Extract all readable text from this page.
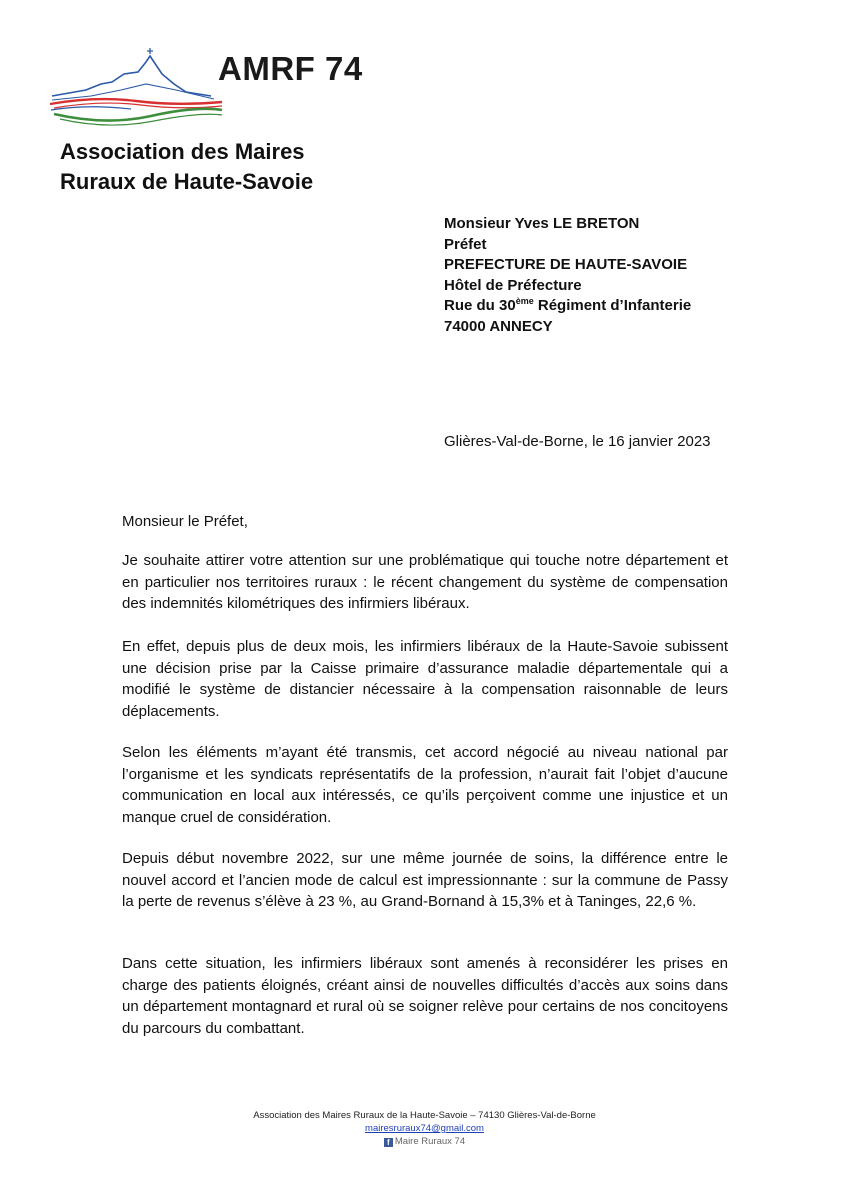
AMRF 74
Association des Maires
Ruraux de Haute-Savoie
Monsieur Yves LE BRETON
Préfet
PREFECTURE DE HAUTE-SAVOIE
Hôtel de Préfecture
Rue du 30ème Régiment d’Infanterie
74000 ANNECY
Glières-Val-de-Borne, le 16 janvier 2023
Monsieur le Préfet,

Je souhaite attirer votre attention sur une problématique qui touche notre département et en particulier nos territoires ruraux : le récent changement du système de compensation des indemnités kilométriques des infirmiers libéraux.

En effet, depuis plus de deux mois, les infirmiers libéraux de la Haute-Savoie subissent une décision prise par la Caisse primaire d’assurance maladie départementale qui a modifié le système de distancier nécessaire à la compensation raisonnable de leurs déplacements.

Selon les éléments m’ayant été transmis, cet accord négocié au niveau national par l’organisme et les syndicats représentatifs de la profession, n’aurait fait l’objet d’aucune communication en local aux intéressés, ce qu’ils perçoivent comme une injustice et un manque cruel de considération.

Depuis début novembre 2022, sur une même journée de soins, la différence entre le nouvel accord et l’ancien mode de calcul est impressionnante : sur la commune de Passy la perte de revenus s’élève à 23 %, au Grand-Bornand à 15,3% et à Taninges, 22,6 %.

Dans cette situation, les infirmiers libéraux sont amenés à reconsidérer les prises en charge des patients éloignés, créant ainsi de nouvelles difficultés d’accès aux soins dans un département montagnard et rural où se soigner relève pour certains de nos concitoyens du parcours du combattant.

Association des Maires Ruraux de la Haute-Savoie – 74130 Glières-Val-de-Borne
mairesruraux74@gmail.com
f Maire Ruraux 74
